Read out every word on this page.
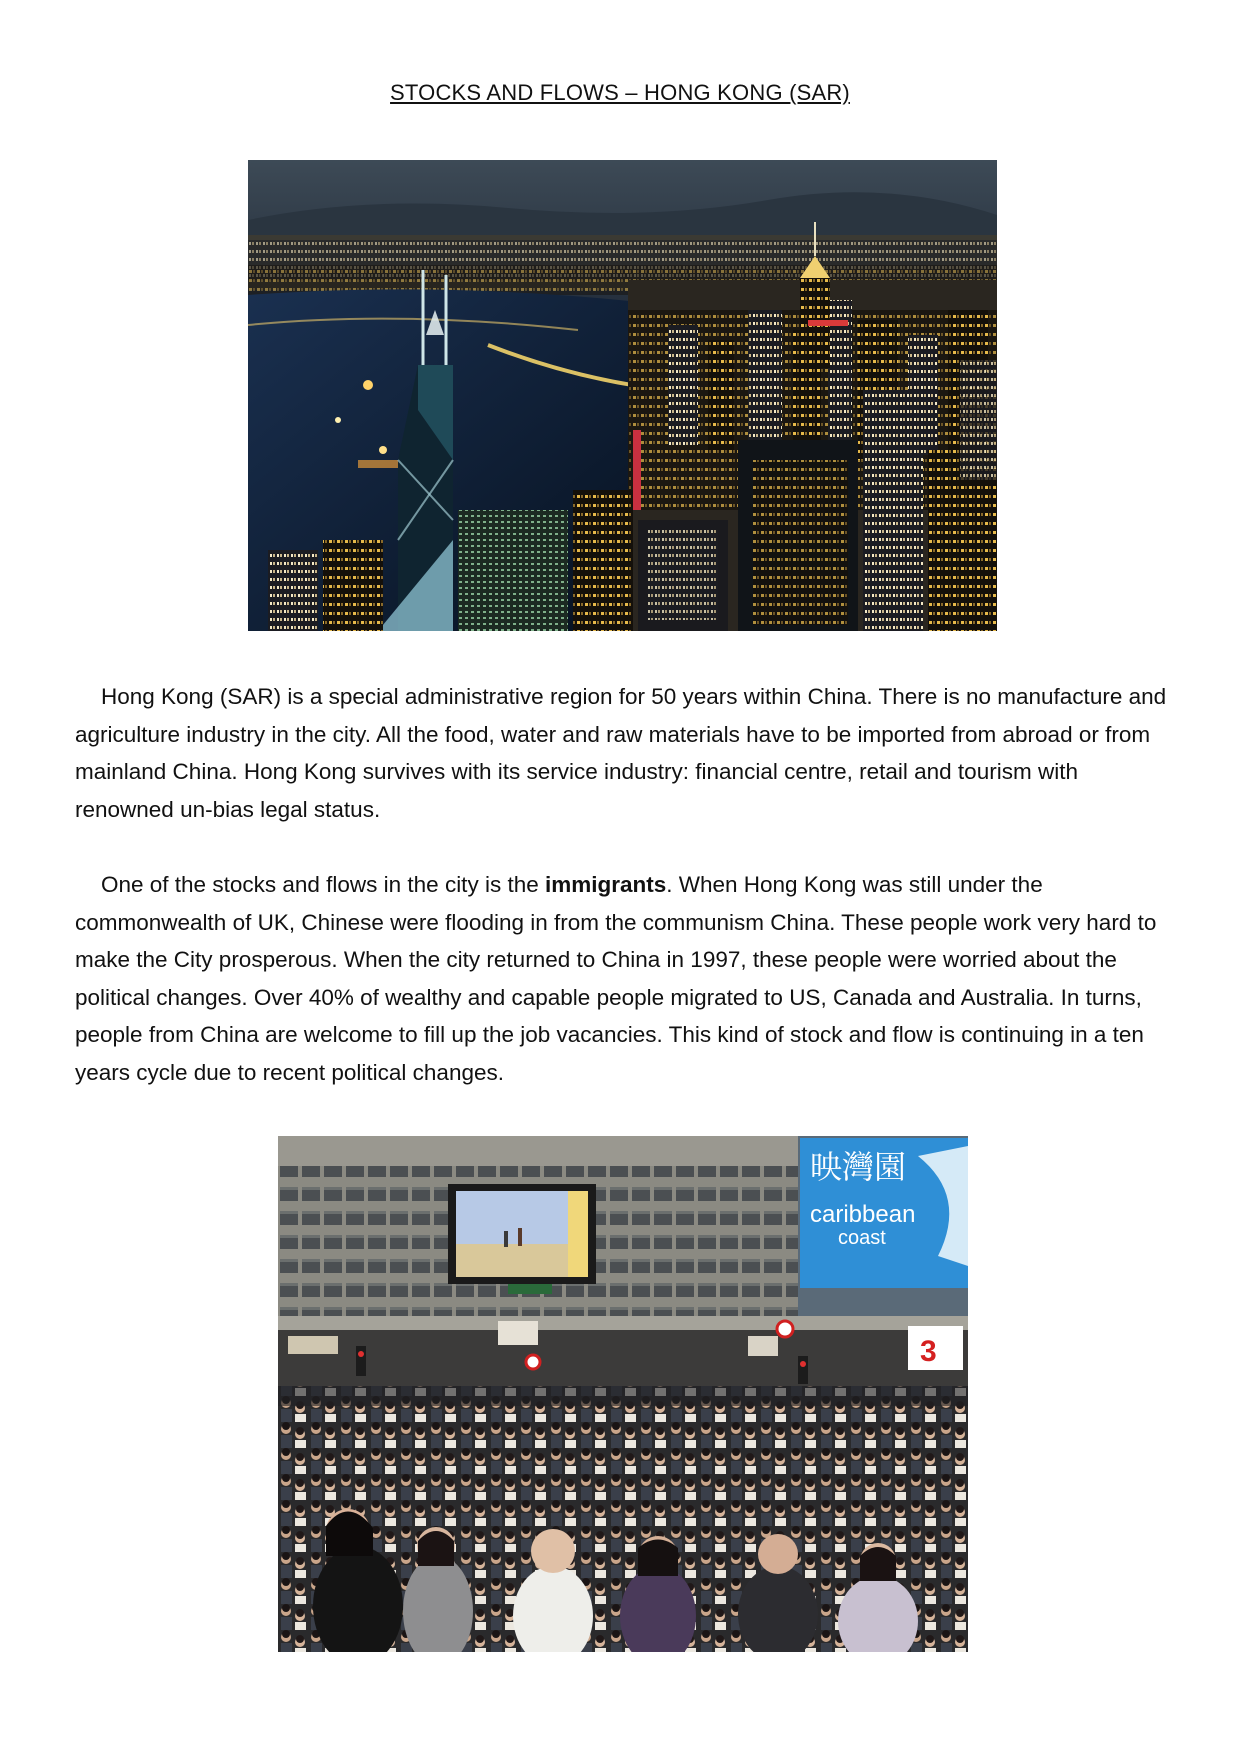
STOCKS AND FLOWS – HONG KONG (SAR)

Hong Kong (SAR) is a special administrative region for 50 years within China. There is no manufacture and agriculture industry in the city. All the food, water and raw materials have to be imported from abroad or from mainland China. Hong Kong survives with its service industry: financial centre, retail and tourism with renowned un-bias legal status.

One of the stocks and flows in the city is the immigrants. When Hong Kong was still under the commonwealth of UK, Chinese were flooding in from the communism China. These people work very hard to make the City prosperous. When the city returned to China in 1997, these people were worried about the political changes. Over 40% of wealthy and capable people migrated to US, Canada and Australia. In turns, people from China are welcome to fill up the job vacancies. This kind of stock and flow is continuing in a ten years cycle due to recent political changes.

映灣園
caribbean
coast
3
